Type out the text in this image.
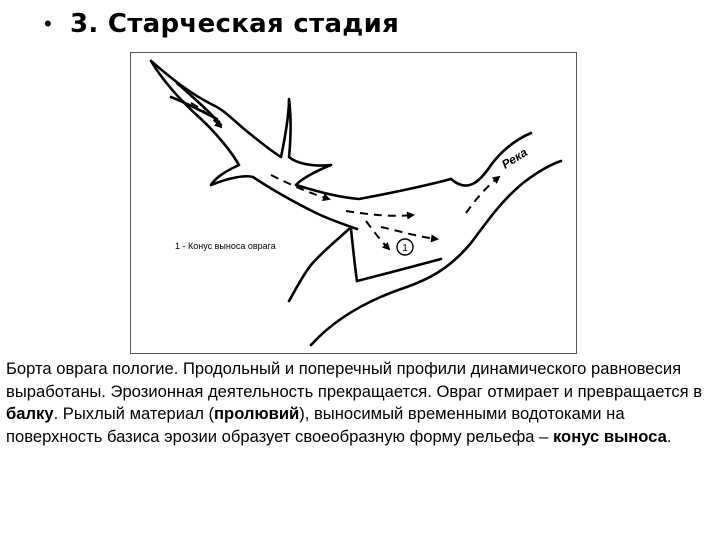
• 3. Старческая стадия
1
1 - Конус выноса оврага
Река
Борта оврага пологие. Продольный и поперечный профили динамического равновесия выработаны. Эрозионная деятельность прекращается. Овраг отмирает и превращается в балку. Рыхлый материал (пролювий), выносимый временными водотоками на поверхность базиса эрозии образует своеобразную форму рельефа – конус выноса.
